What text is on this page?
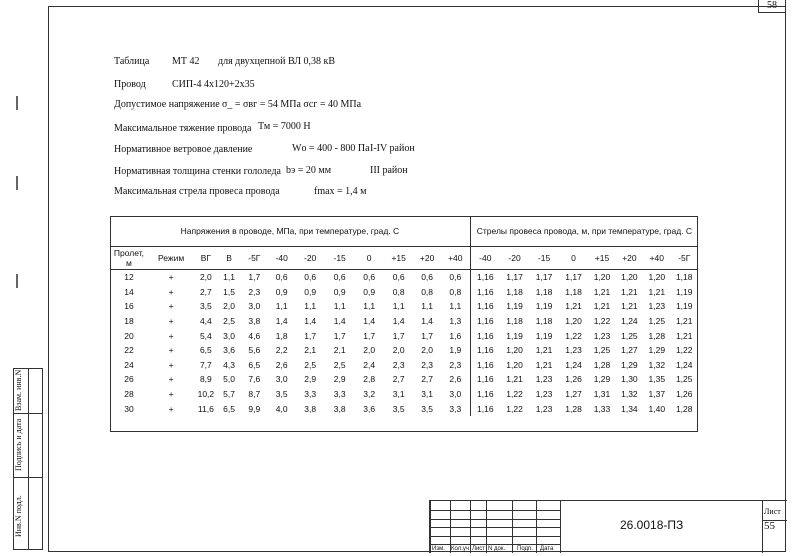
58
Взам. инв.N
Подпись и дата
Инв.N подл.
Таблица МТ 42 для двухцепной ВЛ 0,38 кВ
Провод	СИП-4 4х120+2х35
Допустимое напряжение σ_ = σвг = 54 МПа σсг = 40 МПа
Максимальное тяжение провода Тм = 7000 Н
Нормативное ветровое давление	Wо = 400 - 800 Па I-IV район
Нормативная толщина стенки гололеда bэ = 20 мм	III район
Максимальная стрела провеса провода	fmax = 1,4 м
Напряжения в проводе, МПа, при температуре, град. С												Стрелы провеса провода, м, при температуре, град. С							
Пролет, м	Режим	ВГ	В	-5Г	-40	-20	-15	0	+15	+20	+40	-40	-20	-15	0	+15	+20	+40	-5Г
12	+	2,0	1,1	1,7	0,6	0,6	0,6	0,6	0,6	0,6	0,6	1,16	1,17	1,17	1,17	1,20	1,20	1,20	1,18
14	+	2,7	1,5	2,3	0,9	0,9	0,9	0,9	0,8	0,8	0,8	1,16	1,18	1,18	1,18	1,21	1,21	1,21	1,19
16	+	3,5	2,0	3,0	1,1	1,1	1,1	1,1	1,1	1,1	1,1	1,16	1,19	1,19	1,21	1,21	1,21	1,23	1,19
18	+	4,4	2,5	3,8	1,4	1,4	1,4	1,4	1,4	1,4	1,3	1,16	1,18	1,18	1,20	1,22	1,24	1,25	1,21
20	+	5,4	3,0	4,6	1,8	1,7	1,7	1,7	1,7	1,7	1,6	1,16	1,19	1,19	1,22	1,23	1,25	1,28	1,21
22	+	6,5	3,6	5,6	2,2	2,1	2,1	2,0	2,0	2,0	1,9	1,16	1,20	1,21	1,23	1,25	1,27	1,29	1,22
24	+	7,7	4,3	6,5	2,6	2,5	2,5	2,4	2,3	2,3	2,3	1,16	1,20	1,21	1,24	1,28	1,29	1,32	1,24
26	+	8,9	5,0	7,6	3,0	2,9	2,9	2,8	2,7	2,7	2,6	1,16	1,21	1,23	1,26	1,29	1,30	1,35	1,25
28	+	10,2	5,7	8,7	3,5	3,3	3,3	3,2	3,1	3,1	3,0	1,16	1,22	1,23	1,27	1,31	1,32	1,37	1,26
30	+	11,6	6,5	9,9	4,0	3,8	3,8	3,6	3,5	3,5	3,3	1,16	1,22	1,23	1,28	1,33	1,34	1,40	1,28
Изм. Кол.уч Лист N док. Подп. Дата
26.0018-ПЗ
Лист
55
